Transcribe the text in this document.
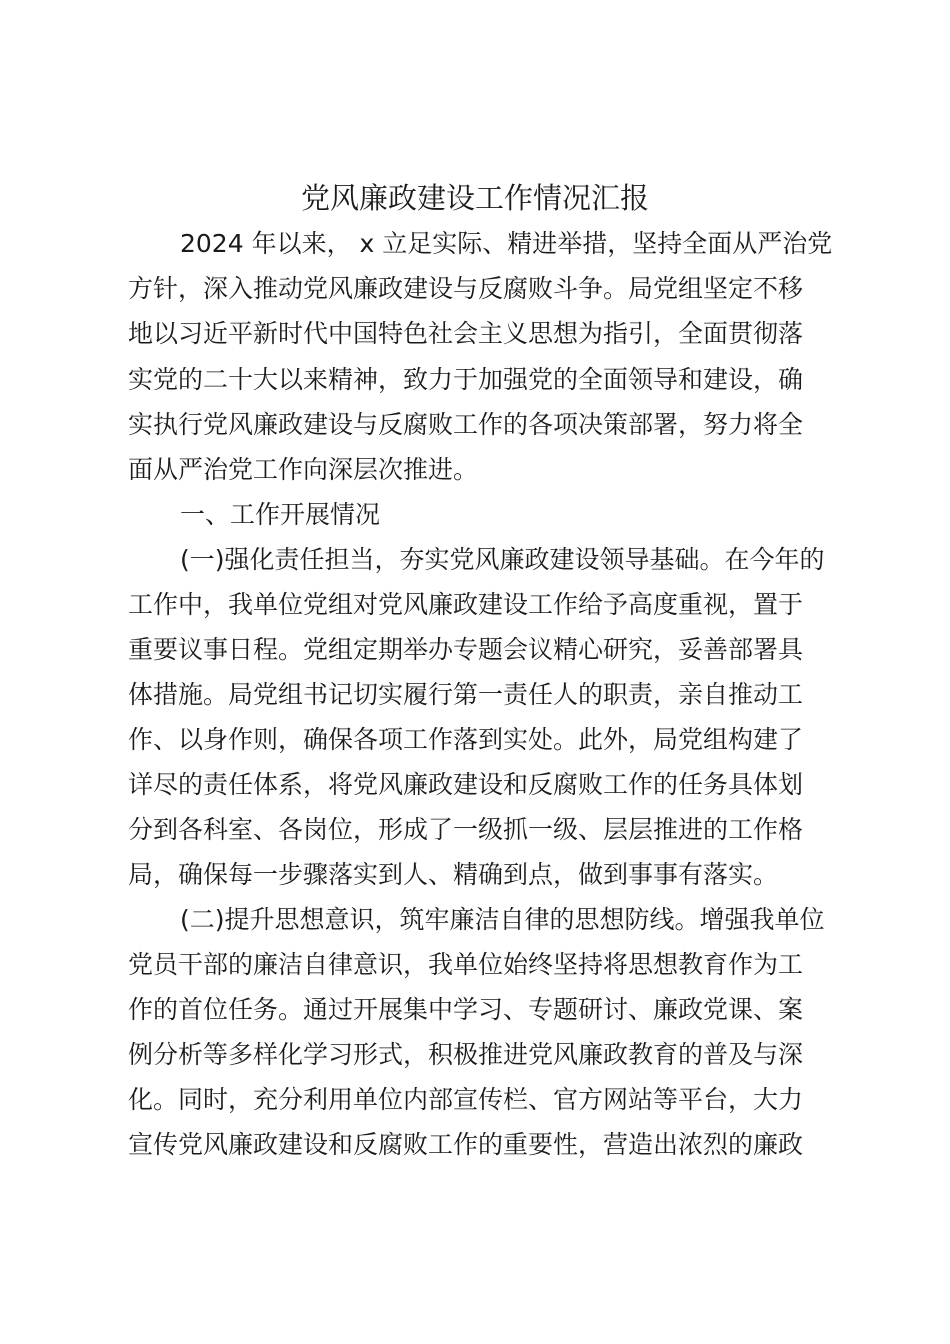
党风廉政建设工作情况汇报
2024 年以来， x 立足实际、精进举措，坚持全面从严治党
方针，深入推动党风廉政建设与反腐败斗争。局党组坚定不移
地以习近平新时代中国特色社会主义思想为指引，全面贯彻落
实党的二十大以来精神，致力于加强党的全面领导和建设，确
实执行党风廉政建设与反腐败工作的各项决策部署，努力将全
面从严治党工作向深层次推进。
一、工作开展情况
(一)强化责任担当，夯实党风廉政建设领导基础。在今年的
工作中，我单位党组对党风廉政建设工作给予高度重视，置于
重要议事日程。党组定期举办专题会议精心研究，妥善部署具
体措施。局党组书记切实履行第一责任人的职责，亲自推动工
作、以身作则，确保各项工作落到实处。此外，局党组构建了
详尽的责任体系，将党风廉政建设和反腐败工作的任务具体划
分到各科室、各岗位，形成了一级抓一级、层层推进的工作格
局，确保每一步骤落实到人、精确到点，做到事事有落实。
(二)提升思想意识，筑牢廉洁自律的思想防线。增强我单位
党员干部的廉洁自律意识，我单位始终坚持将思想教育作为工
作的首位任务。通过开展集中学习、专题研讨、廉政党课、案
例分析等多样化学习形式，积极推进党风廉政教育的普及与深
化。同时，充分利用单位内部宣传栏、官方网站等平台，大力
宣传党风廉政建设和反腐败工作的重要性，营造出浓烈的廉政
